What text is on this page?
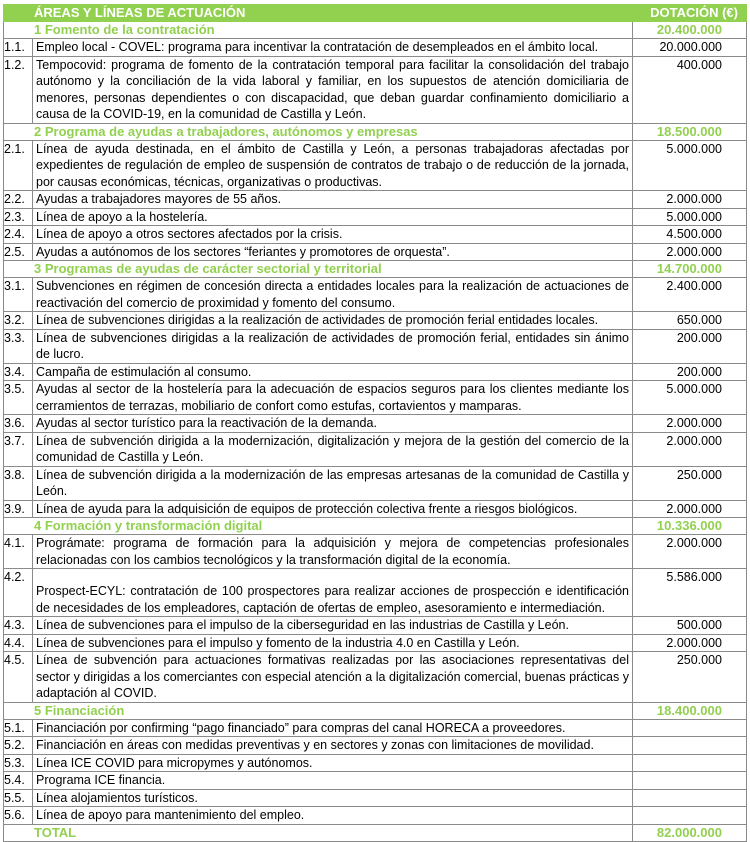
ÁREAS Y LÍNEAS DE ACTUACIÓN		DOTACIÓN (€)
1 Fomento de la contratación		20.400.000
1.1.	Empleo local - COVEL: programa para incentivar la contratación de desempleados en el ámbito local.	20.000.000
1.2.	Tempocovid: programa de fomento de la contratación temporal para facilitar la consolidación del trabajo autónomo y la conciliación de la vida laboral y familiar, en los supuestos de atención domiciliaria de menores, personas dependientes o con discapacidad, que deban guardar confinamiento domiciliario a causa de la COVID-19, en la comunidad de Castilla y León.	400.000
2 Programa de ayudas a trabajadores, autónomos y empresas		18.500.000
2.1.	Línea de ayuda destinada, en el ámbito de Castilla y León, a personas trabajadoras afectadas por expedientes de regulación de empleo de suspensión de contratos de trabajo o de reducción de la jornada, por causas económicas, técnicas, organizativas o productivas.	5.000.000
2.2.	Ayudas a trabajadores mayores de 55 años.	2.000.000
2.3.	Línea de apoyo a la hostelería.	5.000.000
2.4.	Línea de apoyo a otros sectores afectados por la crisis.	4.500.000
2.5.	Ayudas a autónomos de los sectores “feriantes y promotores de orquesta”.	2.000.000
3 Programas de ayudas de carácter sectorial y territorial		14.700.000
3.1.	Subvenciones en régimen de concesión directa a entidades locales para la realización de actuaciones de reactivación del comercio de proximidad y fomento del consumo.	2.400.000
3.2.	Línea de subvenciones dirigidas a la realización de actividades de promoción ferial entidades locales.	650.000
3.3.	Línea de subvenciones dirigidas a la realización de actividades de promoción ferial, entidades sin ánimo de lucro.	200.000
3.4.	Campaña de estimulación al consumo.	200.000
3.5.	Ayudas al sector de la hostelería para la adecuación de espacios seguros para los clientes mediante los cerramientos de terrazas, mobiliario de confort como estufas, cortavientos y mamparas.	5.000.000
3.6.	Ayudas al sector turístico para la reactivación de la demanda.	2.000.000
3.7.	Línea de subvención dirigida a la modernización, digitalización y mejora de la gestión del comercio de la comunidad de Castilla y León.	2.000.000
3.8.	Línea de subvención dirigida a la modernización de las empresas artesanas de la comunidad de Castilla y León.	250.000
3.9.	Línea de ayuda para la adquisición de equipos de protección colectiva frente a riesgos biológicos.	2.000.000
4 Formación y transformación digital		10.336.000
4.1.	Prográmate: programa de formación para la adquisición y mejora de competencias profesionales relacionadas con los cambios tecnológicos y la transformación digital de la economía.	2.000.000
4.2.	Prospect-ECYL: contratación de 100 prospectores para realizar acciones de prospección e identificación de necesidades de los empleadores, captación de ofertas de empleo, asesoramiento e intermediación.	5.586.000
4.3.	Línea de subvenciones para el impulso de la ciberseguridad en las industrias de Castilla y León.	500.000
4.4.	Línea de subvenciones para el impulso y fomento de la industria 4.0 en Castilla y León.	2.000.000
4.5.	Línea de subvención para actuaciones formativas realizadas por las asociaciones representativas del sector y dirigidas a los comerciantes con especial atención a la digitalización comercial, buenas prácticas y adaptación al COVID.	250.000
5 Financiación		18.400.000
5.1.	Financiación por confirming “pago financiado” para compras del canal HORECA a proveedores.	
5.2.	Financiación en áreas con medidas preventivas y en sectores y zonas con limitaciones de movilidad.	
5.3.	Línea ICE COVID para micropymes y autónomos.	
5.4.	Programa ICE financia.	
5.5.	Línea alojamientos turísticos.	
5.6.	Línea de apoyo para mantenimiento del empleo.	
TOTAL		82.000.000
